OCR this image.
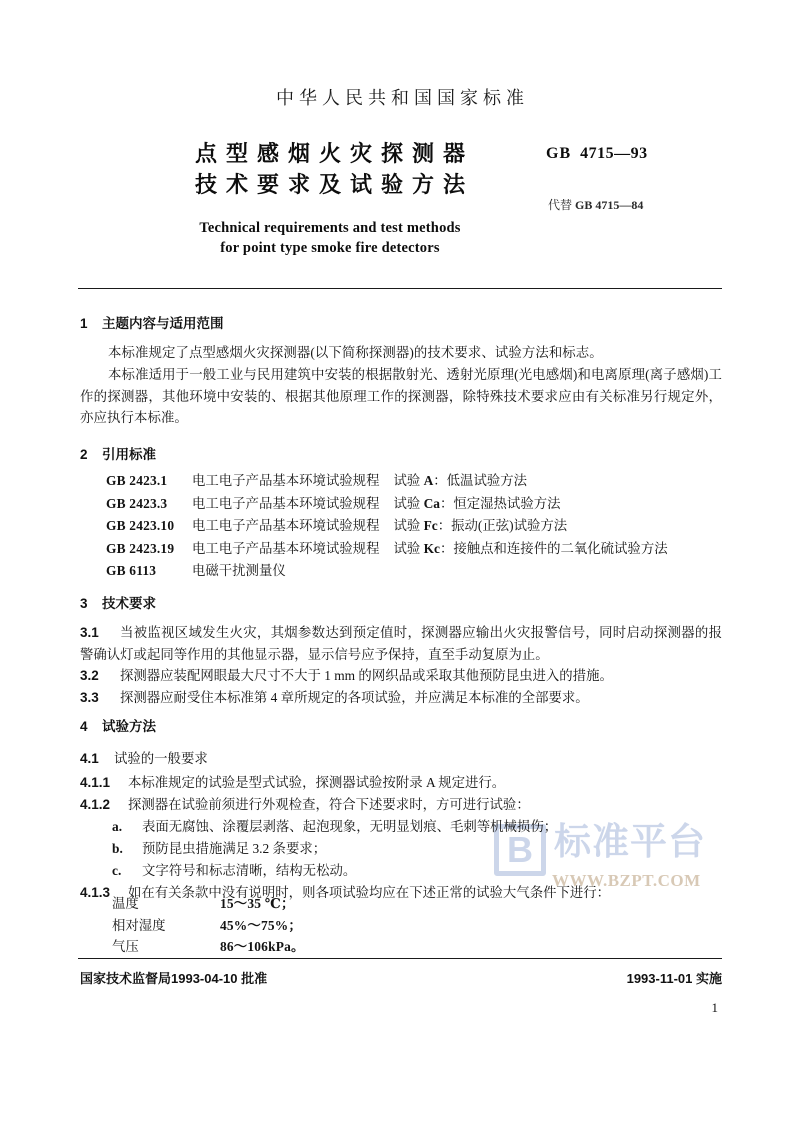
B 标准平台
WWW.BZPT.COM
中华人民共和国国家标准
点型感烟火灾探测器
技术要求及试验方法
Technical requirements and test methods
for point type smoke fire detectors
GB 4715—93
代替 GB 4715—84
1 主题内容与适用范围
本标准规定了点型感烟火灾探测器(以下简称探测器)的技术要求、试验方法和标志。
本标准适用于一般工业与民用建筑中安装的根据散射光、透射光原理(光电感烟)和电离原理(离子感烟)工作的探测器，其他环境中安装的、根据其他原理工作的探测器，除特殊技术要求应由有关标准另行规定外，亦应执行本标准。
2 引用标准
GB 2423.1 电工电子产品基本环境试验规程 试验 A：低温试验方法
GB 2423.3 电工电子产品基本环境试验规程 试验 Ca：恒定湿热试验方法
GB 2423.10 电工电子产品基本环境试验规程 试验 Fc：振动(正弦)试验方法
GB 2423.19 电工电子产品基本环境试验规程 试验 Kc：接触点和连接件的二氧化硫试验方法
GB 6113	电磁干扰测量仪
3 技术要求
3.1	当被监视区域发生火灾，其烟参数达到预定值时，探测器应输出火灾报警信号，同时启动探测器的报警确认灯或起同等作用的其他显示器，显示信号应予保持，直至手动复原为止。
3.2	探测器应装配网眼最大尺寸不大于 1 mm 的网织品或采取其他预防昆虫进入的措施。
3.3	探测器应耐受住本标准第 4 章所规定的各项试验，并应满足本标准的全部要求。
4 试验方法
4.1 试验的一般要求
4.1.1	本标准规定的试验是型式试验，探测器试验按附录 A 规定进行。
4.1.2	探测器在试验前须进行外观检查，符合下述要求时，方可进行试验：
a. 表面无腐蚀、涂覆层剥落、起泡现象，无明显划痕、毛刺等机械损伤；
b. 预防昆虫措施满足 3.2 条要求；
c. 文字符号和标志清晰，结构无松动。
4.1.3	如在有关条款中没有说明时，则各项试验均应在下述正常的试验大气条件下进行：
温度	15～35 ℃；
相对湿度	45%～75%；
气压	86～106kPa。
国家技术监督局1993-04-10 批准	1993-11-01 实施
1
